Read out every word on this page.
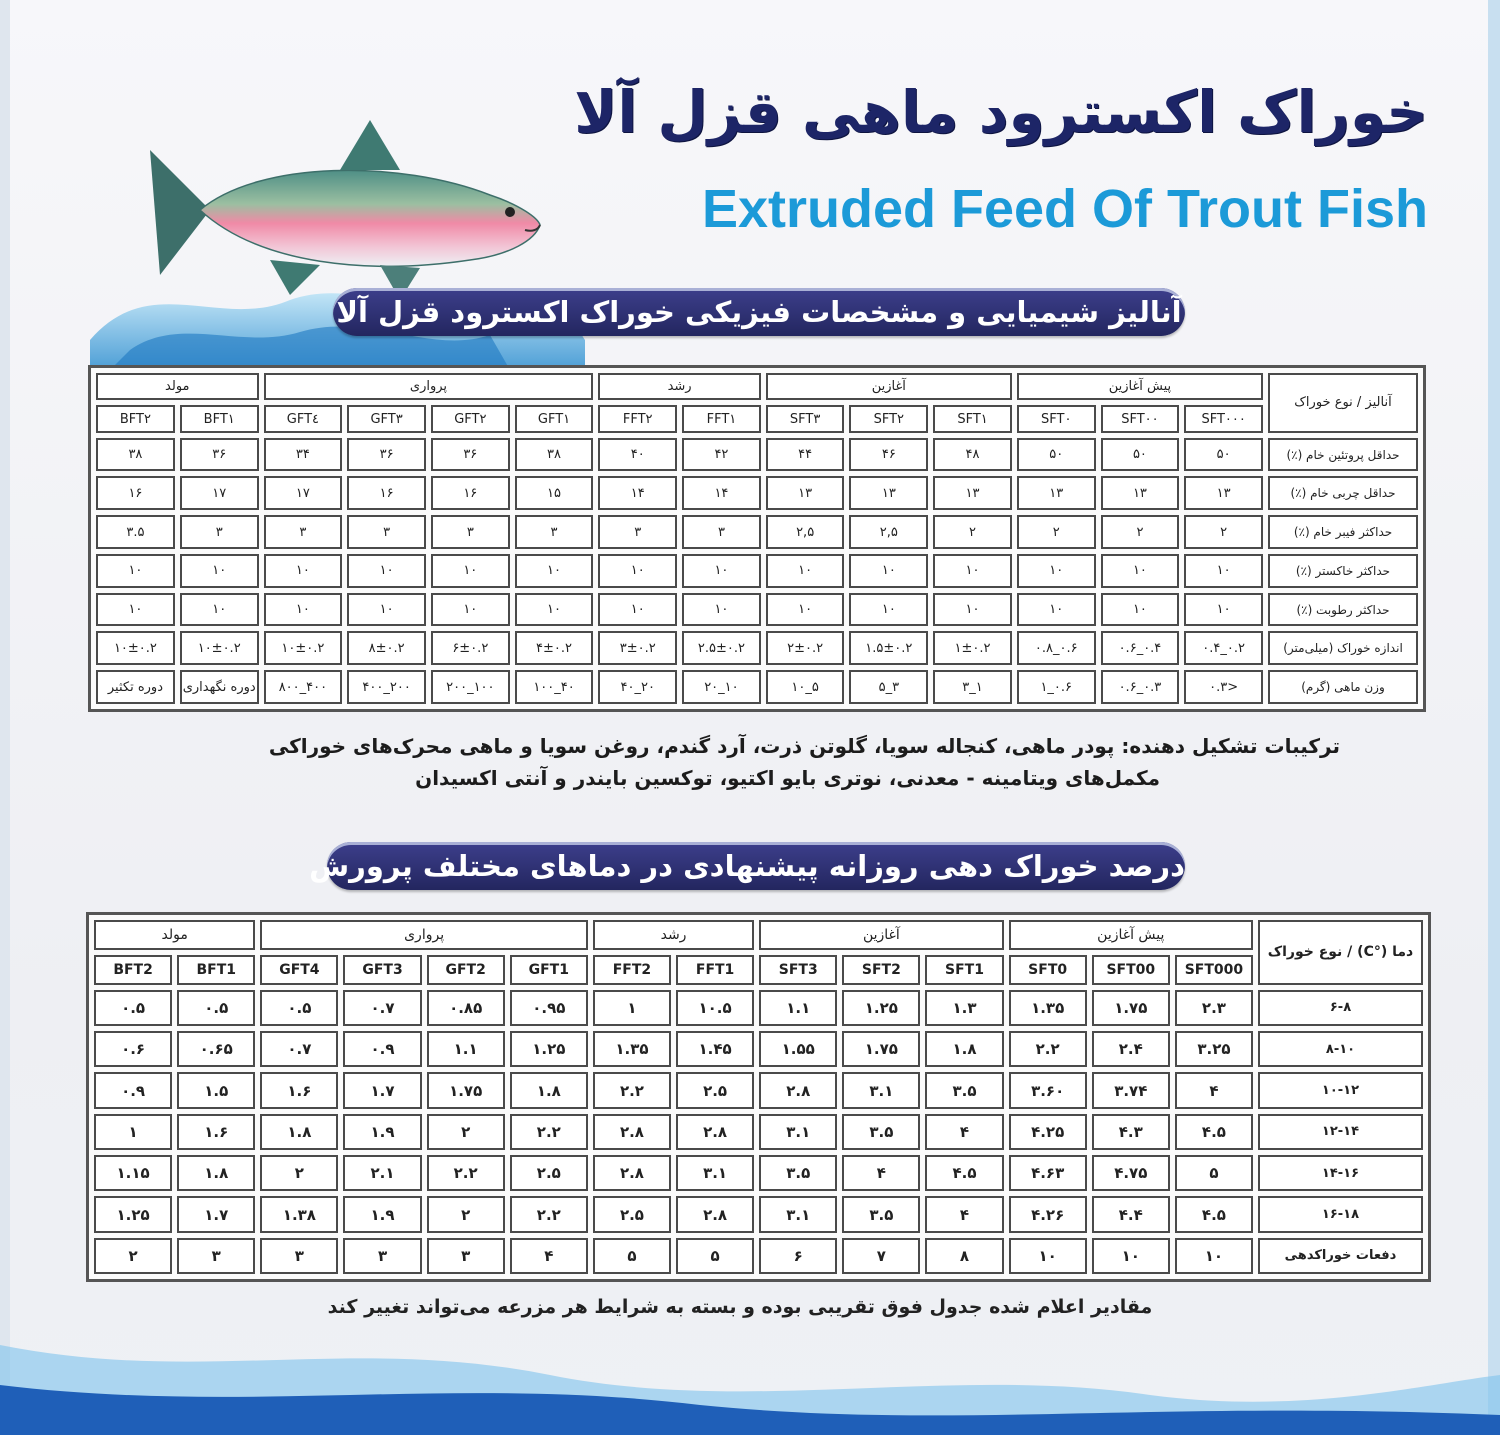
خوراک اکسترود ماهی قزل آلا
Extruded Feed Of Trout Fish
آنالیز شیمیایی و مشخصات فیزیکی خوراک اکسترود قزل آلا
آنالیز / نوع خوراک	پیش آغازین			آغازین			رشد		پرواری				مولد	
	SFT۰۰۰	SFT۰۰	SFT۰	SFT۱	SFT۲	SFT۳	FFT۱	FFT۲	GFT۱	GFT۲	GFT۳	GFT٤	BFT۱	BFT۲
حداقل پروتئین خام (٪)	۵۰	۵۰	۵۰	۴۸	۴۶	۴۴	۴۲	۴۰	۳۸	۳۶	۳۶	۳۴	۳۶	۳۸
حداقل چربی خام (٪)	۱۳	۱۳	۱۳	۱۳	۱۳	۱۳	۱۴	۱۴	۱۵	۱۶	۱۶	۱۷	۱۷	۱۶
حداکثر فیبر خام (٪)	۲	۲	۲	۲	۲,۵	۲,۵	۳	۳	۳	۳	۳	۳	۳	۳.۵
حداکثر خاکستر (٪)	۱۰	۱۰	۱۰	۱۰	۱۰	۱۰	۱۰	۱۰	۱۰	۱۰	۱۰	۱۰	۱۰	۱۰
حداکثر رطوبت (٪)	۱۰	۱۰	۱۰	۱۰	۱۰	۱۰	۱۰	۱۰	۱۰	۱۰	۱۰	۱۰	۱۰	۱۰
اندازه خوراک (میلی‌متر)	۰.۲_۰.۴	۰.۴_۰.۶	۰.۶_۰.۸	۱±۰.۲	۱.۵±۰.۲	۲±۰.۲	۲.۵±۰.۲	۳±۰.۲	۴±۰.۲	۶±۰.۲	۸±۰.۲	۱۰±۰.۲	۱۰±۰.۲	۱۰±۰.۲
وزن ماهی (گرم)	<۰.۳	۰.۳_۰.۶	۰.۶_۱	۱_۳	۳_۵	۵_۱۰	۱۰_۲۰	۲۰_۴۰	۴۰_۱۰۰	۱۰۰_۲۰۰	۲۰۰_۴۰۰	۴۰۰_۸۰۰	دوره نگهداری	دوره تکثیر
ترکیبات تشکیل دهنده: پودر ماهی، کنجاله سویا، گلوتن ذرت، آرد گندم، روغن سویا و ماهی محرک‌های خوراکی
مکمل‌های ویتامینه - معدنی، نوتری بایو اکتیو، توکسین بایندر و آنتی اکسیدان
درصد خوراک دهی روزانه پیشنهادی در دماهای مختلف پرورش
دما (°C) / نوع خوراک	پیش آغازین			آغازین			رشد		پرواری				مولد	
	SFT000	SFT00	SFT0	SFT1	SFT2	SFT3	FFT1	FFT2	GFT1	GFT2	GFT3	GFT4	BFT1	BFT2
۶-۸	۲.۳	۱.۷۵	۱.۳۵	۱.۳	۱.۲۵	۱.۱	۱۰.۵	۱	۰.۹۵	۰.۸۵	۰.۷	۰.۵	۰.۵	۰.۵
۸-۱۰	۳.۲۵	۲.۴	۲.۲	۱.۸	۱.۷۵	۱.۵۵	۱.۴۵	۱.۳۵	۱.۲۵	۱.۱	۰.۹	۰.۷	۰.۶۵	۰.۶
۱۰-۱۲	۴	۳.۷۴	۳.۶۰	۳.۵	۳.۱	۲.۸	۲.۵	۲.۲	۱.۸	۱.۷۵	۱.۷	۱.۶	۱.۵	۰.۹
۱۲-۱۴	۴.۵	۴.۳	۴.۲۵	۴	۳.۵	۳.۱	۲.۸	۲.۸	۲.۲	۲	۱.۹	۱.۸	۱.۶	۱
۱۴-۱۶	۵	۴.۷۵	۴.۶۳	۴.۵	۴	۳.۵	۳.۱	۲.۸	۲.۵	۲.۲	۲.۱	۲	۱.۸	۱.۱۵
۱۶-۱۸	۴.۵	۴.۴	۴.۲۶	۴	۳.۵	۳.۱	۲.۸	۲.۵	۲.۲	۲	۱.۹	۱.۳۸	۱.۷	۱.۲۵
دفعات خوراکدهی	۱۰	۱۰	۱۰	۸	۷	۶	۵	۵	۴	۳	۳	۳	۳	۲
مقادیر اعلام شده جدول فوق تقریبی بوده و بسته به شرایط هر مزرعه می‌تواند تغییر کند
